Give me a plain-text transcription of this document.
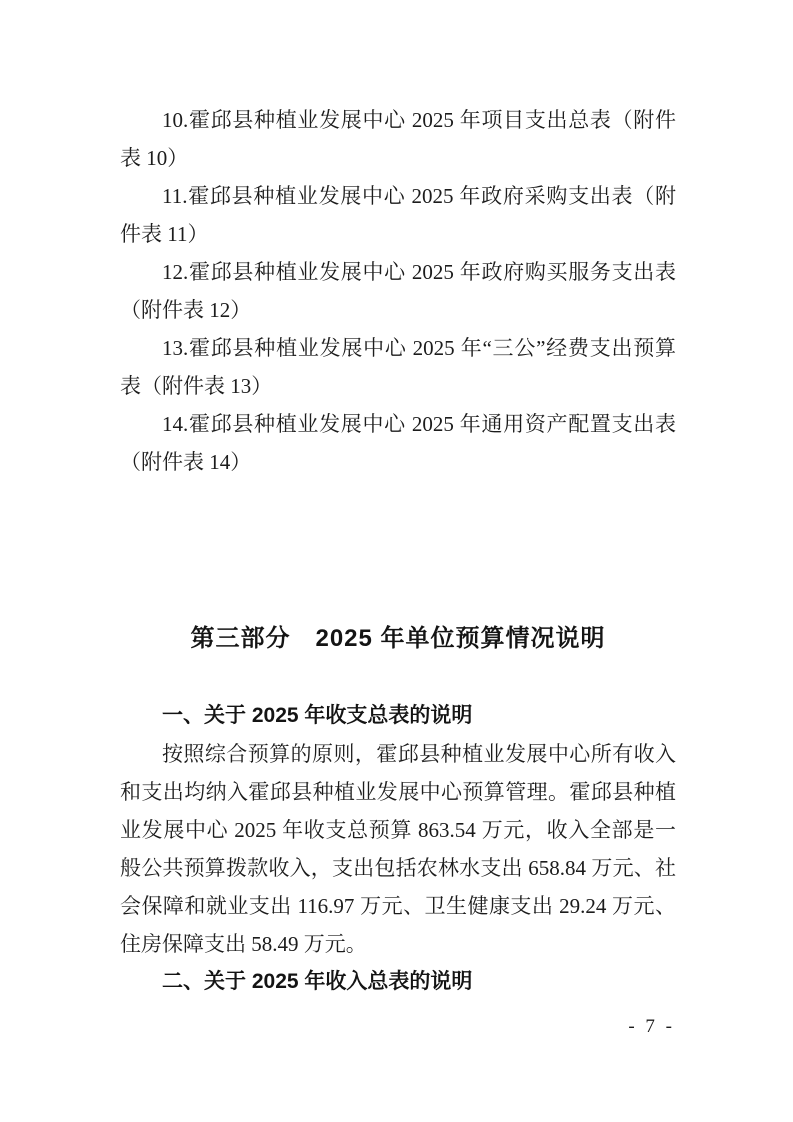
10.霍邱县种植业发展中心 2025 年项目支出总表（附件表 10）

11.霍邱县种植业发展中心 2025 年政府采购支出表（附件表 11）

12.霍邱县种植业发展中心 2025 年政府购买服务支出表（附件表 12）

13.霍邱县种植业发展中心 2025 年“三公”经费支出预算表（附件表 13）

14.霍邱县种植业发展中心 2025 年通用资产配置支出表（附件表 14）

第三部分　2025 年单位预算情况说明
一、关于 2025 年收支总表的说明

按照综合预算的原则，霍邱县种植业发展中心所有收入和支出均纳入霍邱县种植业发展中心预算管理。霍邱县种植业发展中心 2025 年收支总预算 863.54 万元，收入全部是一般公共预算拨款收入，支出包括农林水支出 658.84 万元、社会保障和就业支出 116.97 万元、卫生健康支出 29.24 万元、住房保障支出 58.49 万元。

二、关于 2025 年收入总表的说明
- 7 -
